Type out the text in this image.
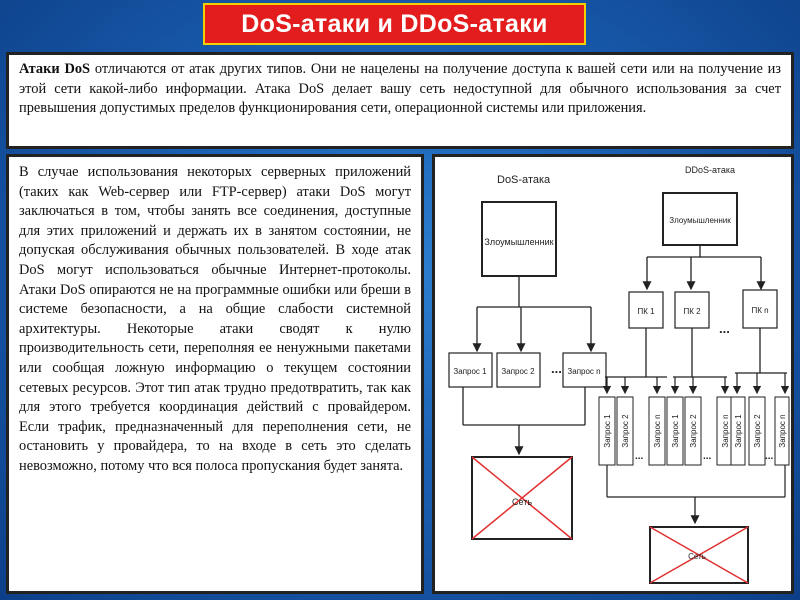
DoS-атаки и DDoS-атаки
Атаки DoS отличаются от атак других типов. Они не нацелены на получение доступа к вашей сети или на получение из этой сети какой-либо информации. Атака DoS делает вашу сеть недоступной для обычного использования за счет превышения допустимых пределов функционирования сети, операционной системы или приложения.
В случае использования некоторых серверных приложений (таких как Web-сервер или FTP-сервер) атаки DoS могут заключаться в том, чтобы занять все соединения, доступные для этих приложений и держать их в занятом состоянии, не допуская обслуживания обычных пользователей. В ходе атак DoS могут использоваться обычные Интернет-протоколы. Атаки DoS опираются не на программные ошибки или бреши в системе безопасности, а на общие слабости системной архитектуры. Некоторые атаки сводят к нулю производительность сети, переполняя ее ненужными пакетами или сообщая ложную информацию о текущем состоянии сетевых ресурсов. Этот тип атак трудно предотвратить, так как для этого требуется координация действий с провайдером. Если трафик, предназначенный для переполнения сети, не остановить у провайдера, то на входе в сеть это сделать невозможно, потому что вся полоса пропускания будет занята.
DoS-атака
Злоумышленник
Запрос 1 Запрос 2 ... Запрос n
Сеть
DDoS-атака
Злоумышленник
ПК 1	ПК 2
...
ПК n
Запрос 1 Запрос 2	Запрос n Запрос 1 Запрос 2	Запрос n Запрос 1 Запрос 2 Запрос n
...	...	...
Сеть
